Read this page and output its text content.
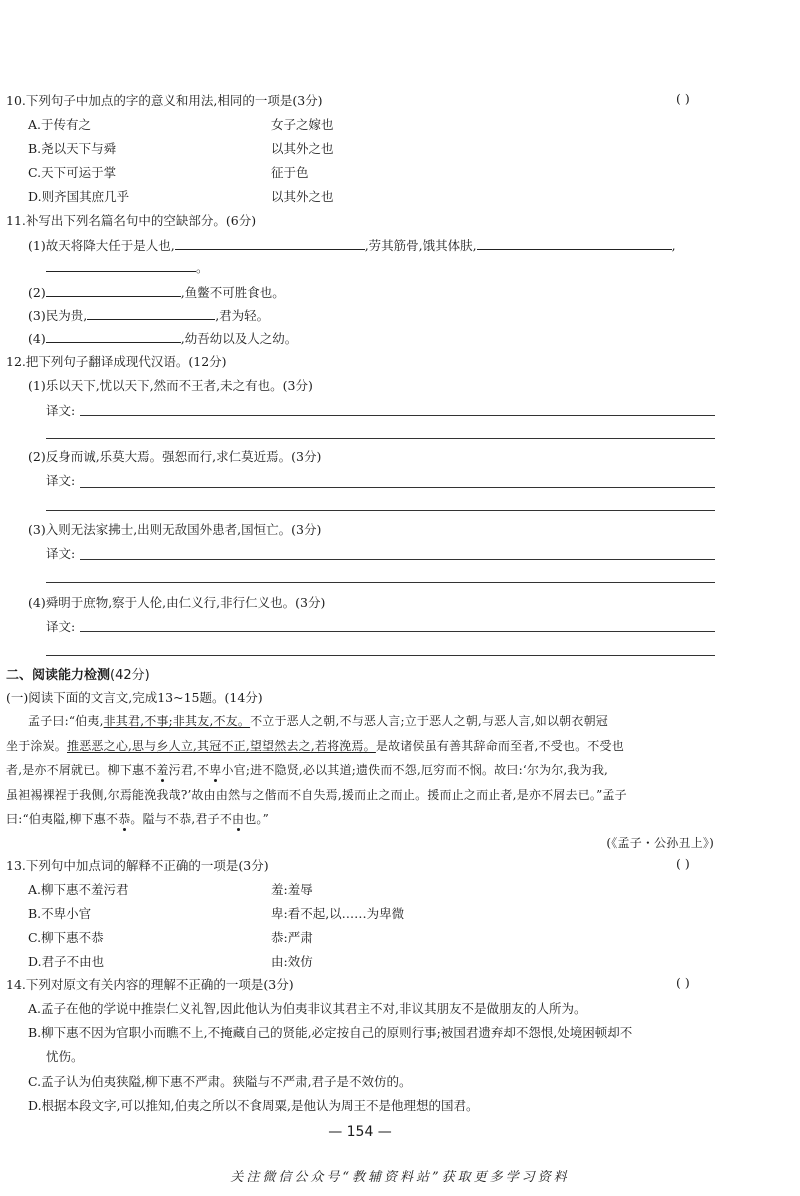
10.下列句子中加点的字的意义和用法,相同的一项是(3分)	( )
A.于传有之	女子之嫁也
B.尧以天下与舜	以其外之也
C.天下可运于掌	征于色
D.则齐国其庶几乎	以其外之也
11.补写出下列名篇名句中的空缺部分。(6分)
(1)故天将降大任于是人也,	,劳其筋骨,饿其体肤,	,
。
(2)	,鱼鳖不可胜食也。
(3)民为贵,	,君为轻。
(4)	,幼吾幼以及人之幼。
12.把下列句子翻译成现代汉语。(12分)
(1)乐以天下,忧以天下,然而不王者,未之有也。(3分)
译文:
(2)反身而诚,乐莫大焉。强恕而行,求仁莫近焉。(3分)
译文:
(3)入则无法家拂士,出则无敌国外患者,国恒亡。(3分)
译文:
(4)舜明于庶物,察于人伦,由仁义行,非行仁义也。(3分)
译文:
二、阅读能力检测(42分)
(一)阅读下面的文言文,完成13~15题。(14分)
孟子曰:“伯夷,非其君,不事;非其友,不友。不立于恶人之朝,不与恶人言;立于恶人之朝,与恶人言,如以朝衣朝冠
坐于涂炭。推恶恶之心,思与乡人立,其冠不正,望望然去之,若将浼焉。是故诸侯虽有善其辞命而至者,不受也。不受也
者,是亦不屑就已。柳下惠不羞污君,不卑小官;进不隐贤,必以其道;遗佚而不怨,厄穷而不悯。故曰:‘尔为尔,我为我,
虽袒裼裸裎于我侧,尔焉能浼我哉?’故由由然与之偕而不自失焉,援而止之而止。援而止之而止者,是亦不屑去已。”孟子
曰:“伯夷隘,柳下惠不恭。隘与不恭,君子不由也。”
(《孟子・公孙丑上》)
13.下列句中加点词的解释不正确的一项是(3分)	( )
A.柳下惠不羞污君	羞:羞辱
B.不卑小官	卑:看不起,以……为卑微
C.柳下惠不恭	恭:严肃
D.君子不由也	由:效仿
14.下列对原文有关内容的理解不正确的一项是(3分)	( )
A.孟子在他的学说中推崇仁义礼智,因此他认为伯夷非议其君主不对,非议其朋友不是做朋友的人所为。
B.柳下惠不因为官职小而瞧不上,不掩藏自己的贤能,必定按自己的原则行事;被国君遗弃却不怨恨,处境困顿却不
忧伤。
C.孟子认为伯夷狭隘,柳下惠不严肃。狭隘与不严肃,君子是不效仿的。
D.根据本段文字,可以推知,伯夷之所以不食周粟,是他认为周王不是他理想的国君。
— 154 —
关注微信公众号“教辅资料站”获取更多学习资料
